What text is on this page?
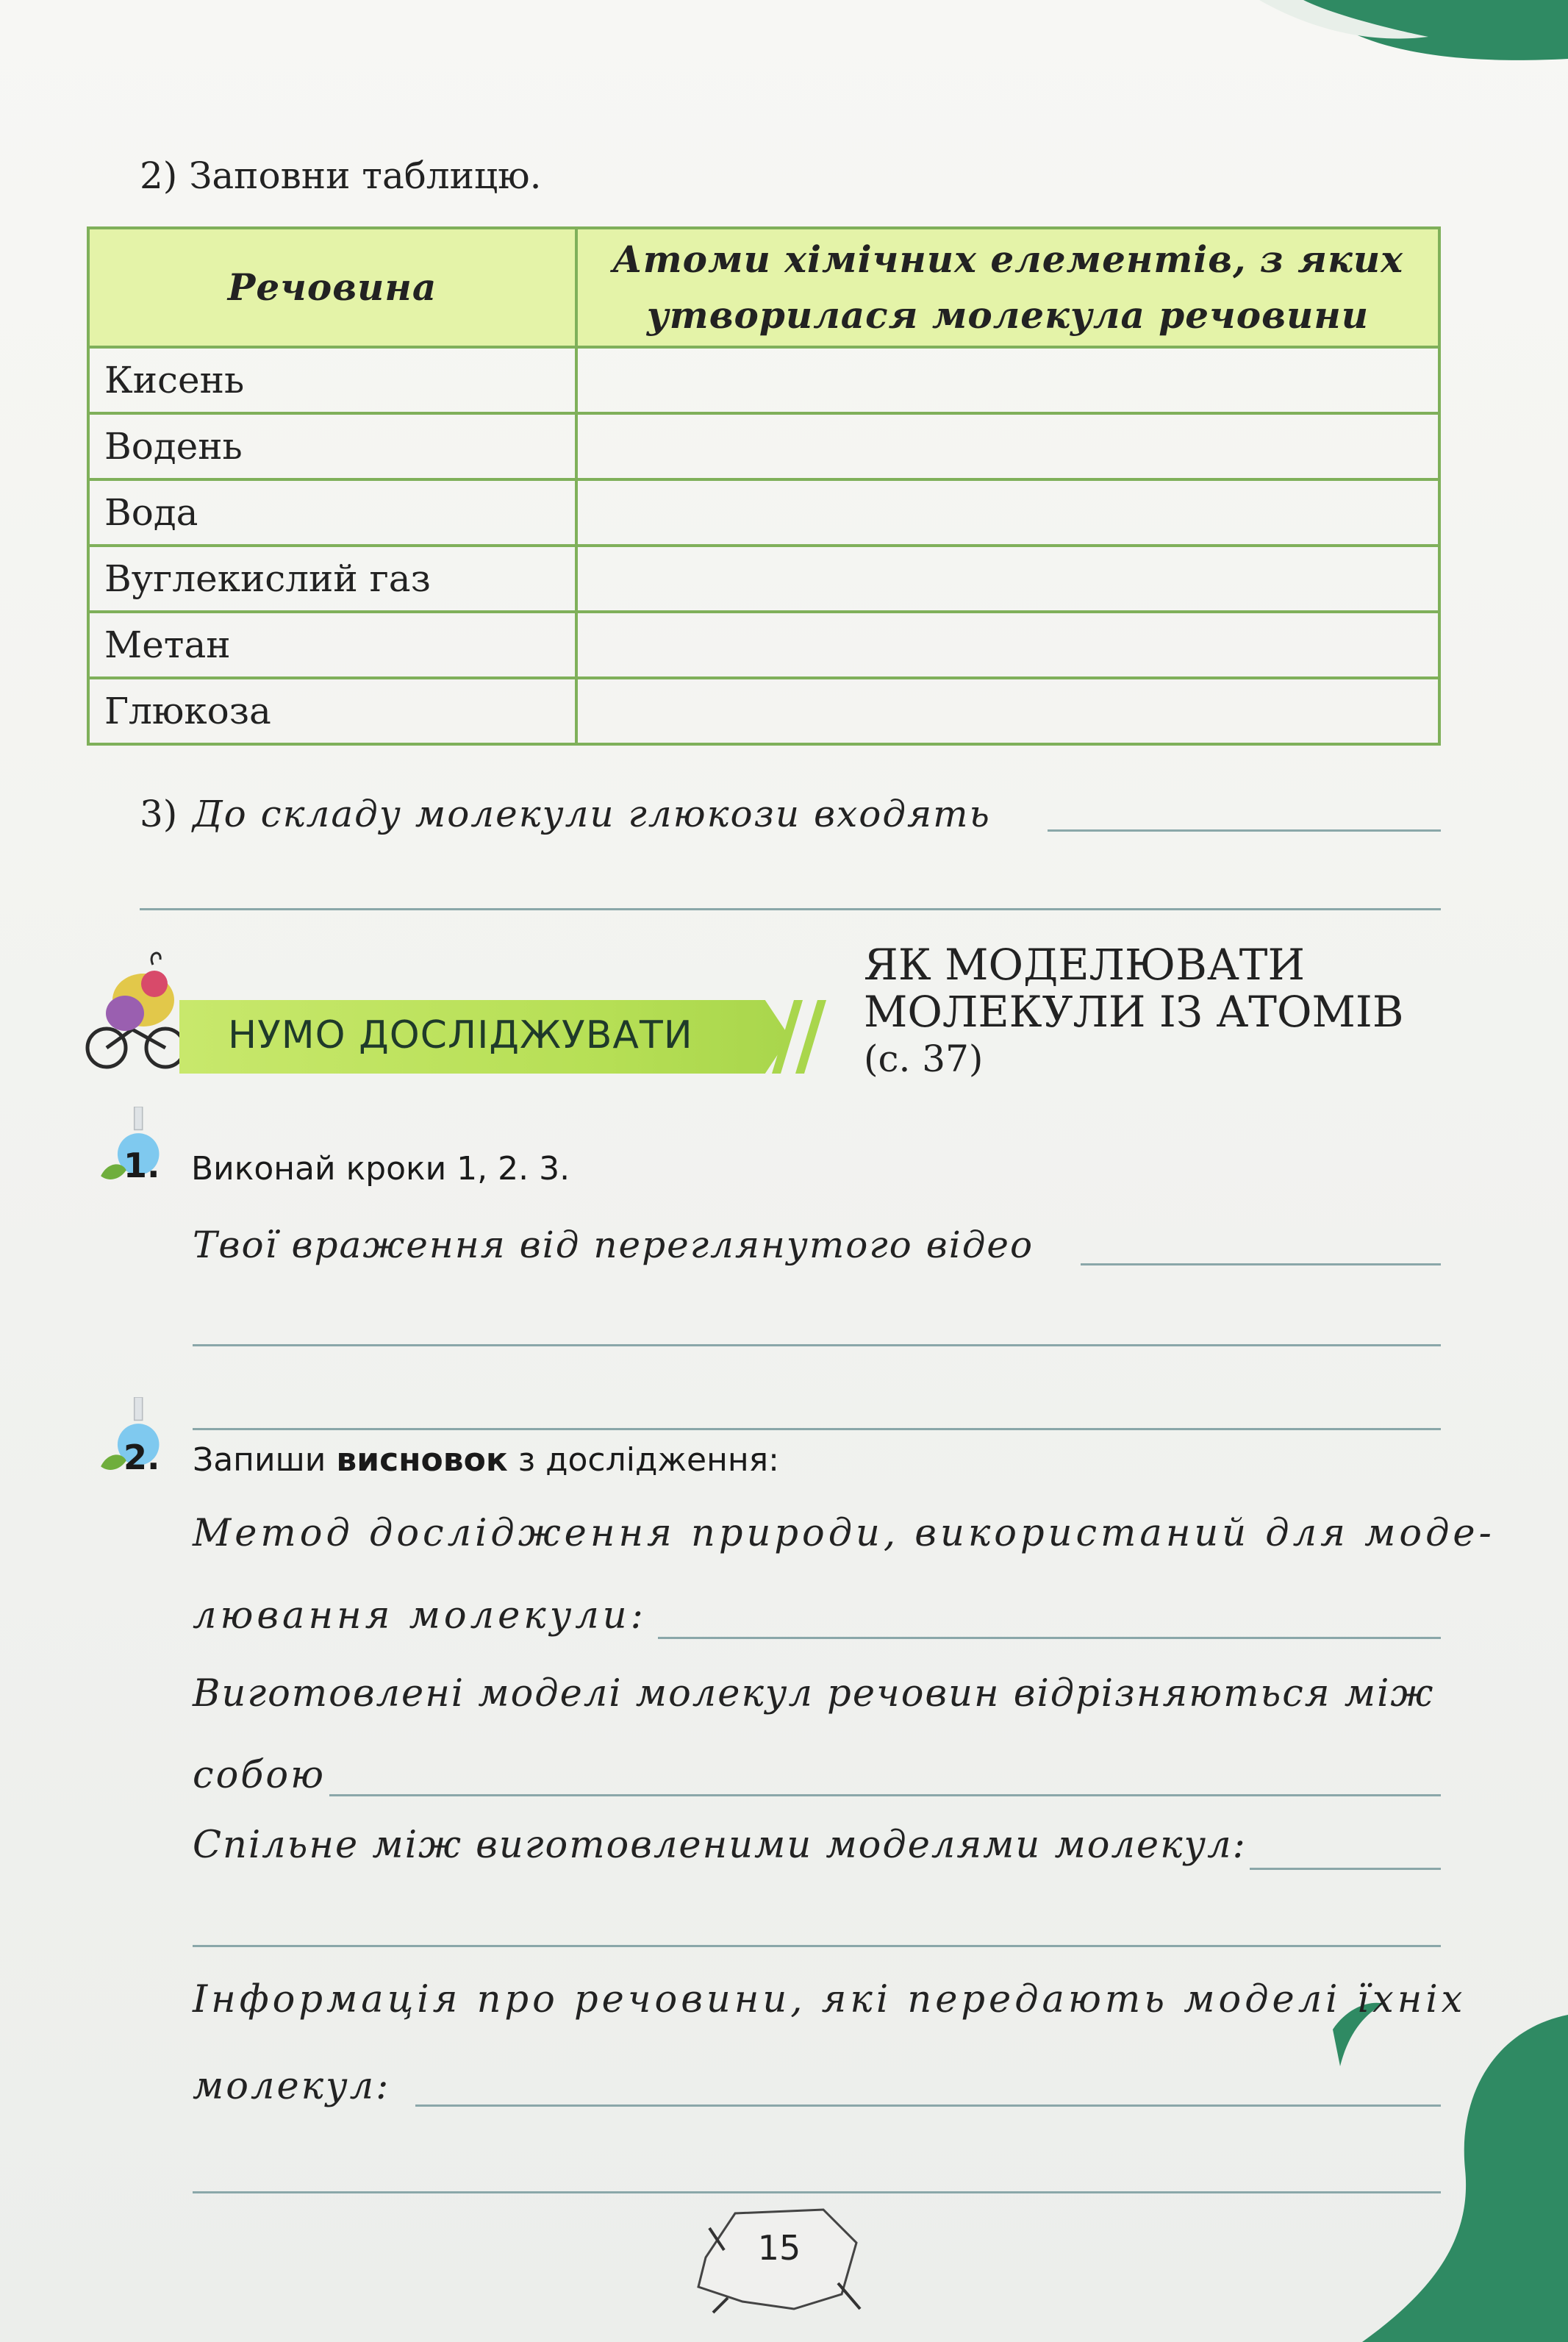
2) Заповни таблицю.
Речовина	Атоми хімічних елементів, з яких утворилася молекула речовини
Кисень	
Водень	
Вода	
Вуглекислий газ	
Метан	
Глюкоза	
3) До складу молекули глюкози входять
НУМО ДОСЛІДЖУВАТИ
ЯК МОДЕЛЮВАТИ
МОЛЕКУЛИ ІЗ АТОМІВ
(с. 37)
1. Виконай кроки 1, 2. 3.
Твої враження від переглянутого відео
2. Запиши висновок з дослідження:
Метод дослідження природи, використаний для моде-
лювання молекули:
Виготовлені моделі молекул речовин відрізняються між
собою
Спільне між виготовленими моделями молекул:
Інформація про речовини, які передають моделі їхніх
молекул:
15
